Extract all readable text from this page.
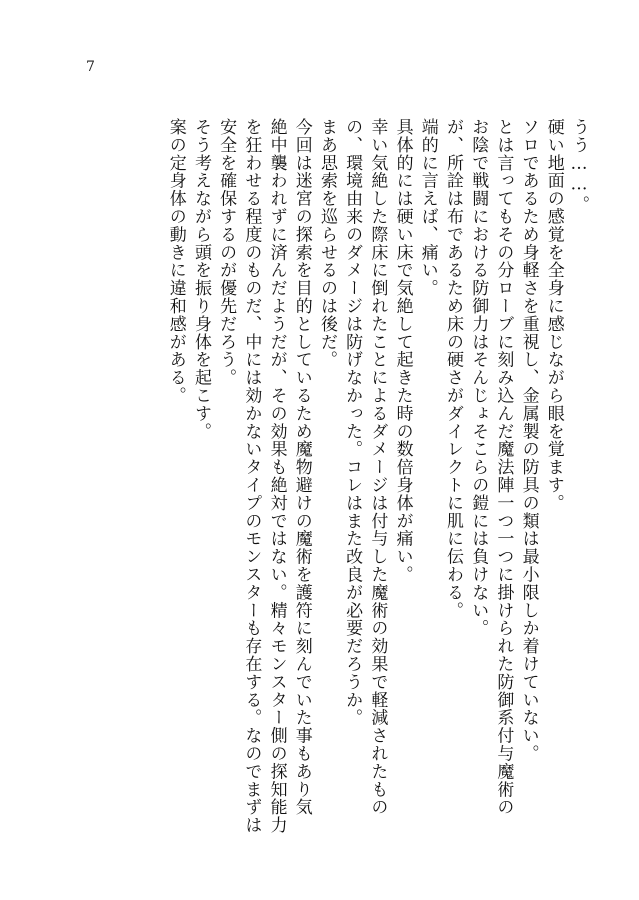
7
うう……。
硬い地面の感覚を全身に感じながら眼を覚ます。
ソロであるため身軽さを重視し、金属製の防具の類は最小限しか着けていない。
とは言ってもその分ローブに刻み込んだ魔法陣一つ一つに掛けられた防御系付与魔術の
お陰で戦闘における防御力はそんじょそこらの鎧には負けない。
が、所詮は布であるため床の硬さがダイレクトに肌に伝わる。
端的に言えば、痛い。
具体的には硬い床で気絶して起きた時の数倍身体が痛い。
幸い気絶した際床に倒れたことによるダメージは付与した魔術の効果で軽減されたもの
の、環境由来のダメージは防げなかった。コレはまた改良が必要だろうか。
まあ思索を巡らせるのは後だ。
今回は迷宮の探索を目的としているため魔物避けの魔術を護符に刻んでいた事もあり気
絶中襲われずに済んだようだが、その効果も絶対ではない。精々モンスター側の探知能力
を狂わせる程度のものだ、中には効かないタイプのモンスターも存在する。なのでまずは
安全を確保するのが優先だろう。
そう考えながら頭を振り身体を起こす。
案の定身体の動きに違和感がある。
